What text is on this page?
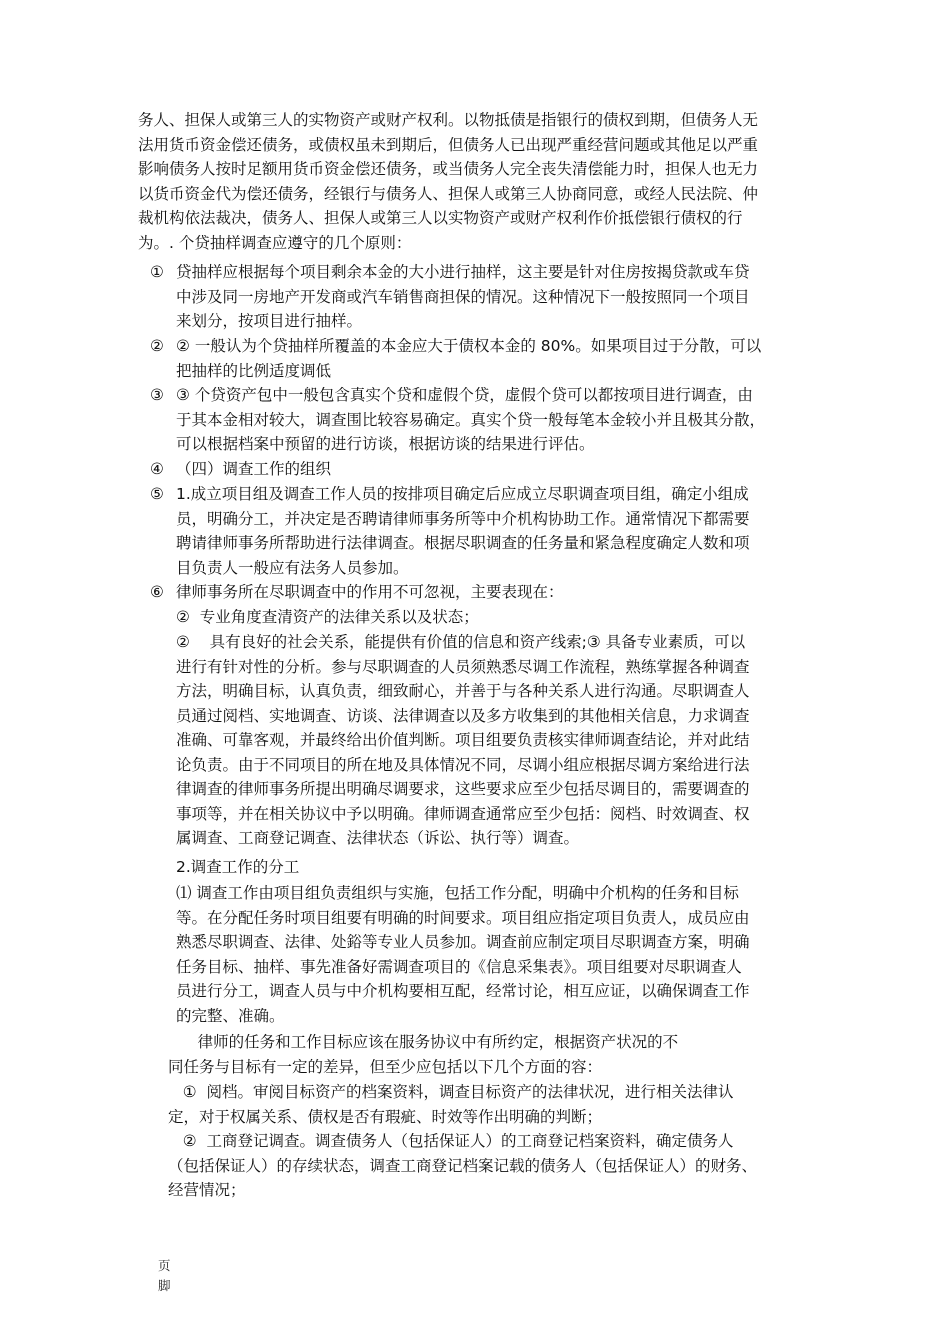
务人、担保人或第三人的实物资产或财产权利。以物抵债是指银行的债权到期，但债务人无
法用货币资金偿还债务，或债权虽未到期后，但债务人已出现严重经营问题或其他足以严重
影响债务人按时足额用货币资金偿还债务，或当债务人完全丧失清偿能力时，担保人也无力
以货币资金代为偿还债务，经银行与债务人、担保人或第三人协商同意，或经人民法院、仲
裁机构依法裁决，债务人、担保人或第三人以实物资产或财产权利作价抵偿银行债权的行
为。. 个贷抽样调查应遵守的几个原则：

① 贷抽样应根据每个项目剩余本金的大小进行抽样，这主要是针对住房按揭贷款或车贷
中涉及同一房地产开发商或汽车销售商担保的情况。这种情况下一般按照同一个项目
来划分，按项目进行抽样。

② ② 一般认为个贷抽样所覆盖的本金应大于债权本金的 80%。如果项目过于分散，可以
把抽样的比例适度调低

③ ③ 个贷资产包中一般包含真实个贷和虚假个贷，虚假个贷可以都按项目进行调查，由
于其本金相对较大，调查围比较容易确定。真实个贷一般每笔本金较小并且极其分散，
可以根据档案中预留的进行访谈，根据访谈的结果进行评估。

④ （四）调查工作的组织

⑤ 1.成立项目组及调查工作人员的按排项目确定后应成立尽职调查项目组，确定小组成
员，明确分工，并决定是否聘请律师事务所等中介机构协助工作。通常情况下都需要
聘请律师事务所帮助进行法律调查。根据尽职调查的任务量和紧急程度确定人数和项
目负责人一般应有法务人员参加。

⑥ 律师事务所在尽职调查中的作用不可忽视，主要表现在：

②  专业角度查清资产的法律关系以及状态；

②    具有良好的社会关系，能提供有价值的信息和资产线索;③ 具备专业素质，可以
进行有针对性的分析。参与尽职调查的人员须熟悉尽调工作流程，熟练掌握各种调查
方法，明确目标，认真负责，细致耐心，并善于与各种关系人进行沟通。尽职调查人
员通过阅档、实地调查、访谈、法律调查以及多方收集到的其他相关信息，力求调查
准确、可靠客观，并最终给出价值判断。项目组要负责核实律师调查结论，并对此结
论负责。由于不同项目的所在地及具体情况不同，尽调小组应根据尽调方案给进行法
律调查的律师事务所提出明确尽调要求，这些要求应至少包括尽调目的，需要调查的
事项等，并在相关协议中予以明确。律师调查通常应至少包括：阅档、时效调查、权
属调查、工商登记调查、法律状态（诉讼、执行等）调查。

2.调查工作的分工

⑴ 调查工作由项目组负责组织与实施，包括工作分配，明确中介机构的任务和目标
等。在分配任务时项目组要有明确的时间要求。项目组应指定项目负责人，成员应由
熟悉尽职调查、法律、处鋊等专业人员参加。调查前应制定项目尽职调查方案，明确
任务目标、抽样、事先准备好需调查项目的《信息采集表》。项目组要对尽职调查人
员进行分工，调查人员与中介机构要相互配，经常讨论，相互应证，以确保调查工作
的完整、准确。

律师的任务和工作目标应该在服务协议中有所约定，根据资产状况的不
同任务与目标有一定的差异，但至少应包括以下几个方面的容：

①  阅档。审阅目标资产的档案资料，调查目标资产的法律状况，进行相关法律认
定，对于权属关系、债权是否有瑕疵、时效等作出明确的判断；

②  工商登记调查。调查债务人（包括保证人）的工商登记档案资料，确定债务人
（包括保证人）的存续状态，调查工商登记档案记载的债务人（包括保证人）的财务、
经营情况；

页
脚
